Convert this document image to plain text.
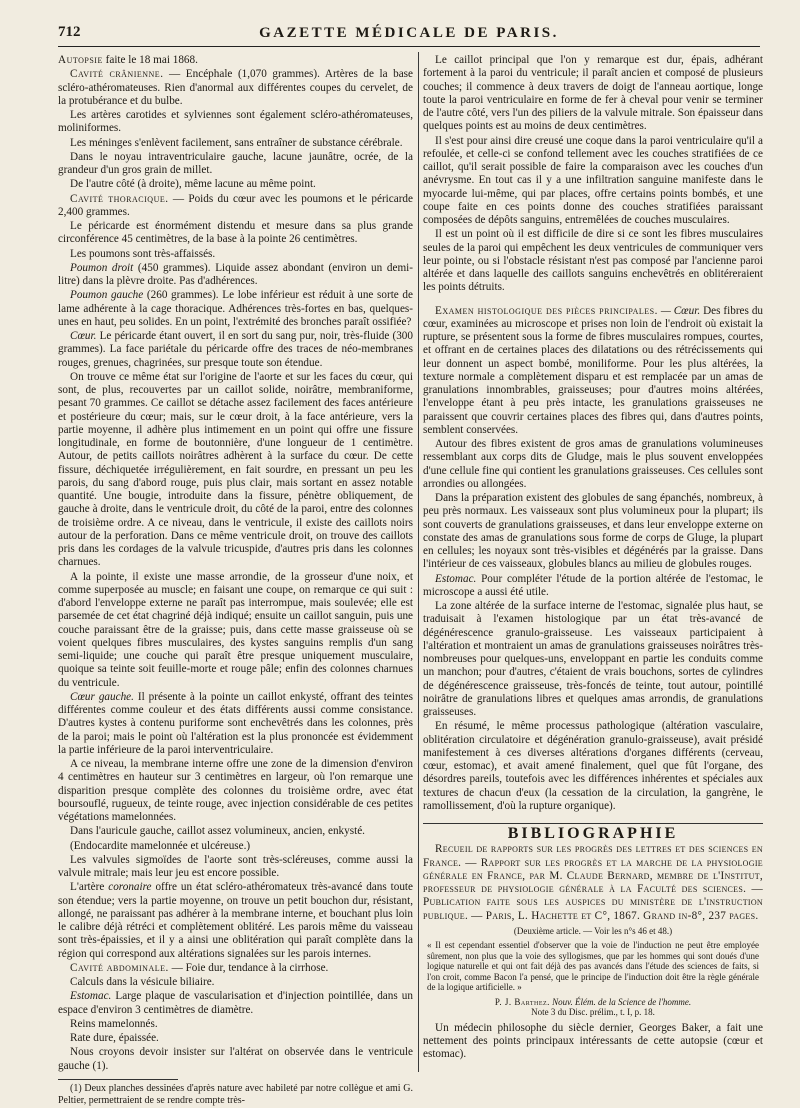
712	GAZETTE MÉDICALE DE PARIS.

Autopsie faite le 18 mai 1868.

Cavité crânienne. — Encéphale (1,070 grammes). Artères de la base scléro-athéromateuses. Rien d'anormal aux différentes coupes du cervelet, de la protubérance et du bulbe.

Les artères carotides et sylviennes sont également scléro-athéromateuses, moliniformes.

Les méninges s'enlèvent facilement, sans entraîner de substance cérébrale.

Dans le noyau intraventriculaire gauche, lacune jaunâtre, ocrée, de la grandeur d'un gros grain de millet.

De l'autre côté (à droite), même lacune au même point.

Cavité thoracique. — Poids du cœur avec les poumons et le péricarde 2,400 grammes.

Le péricarde est énormément distendu et mesure dans sa plus grande circonférence 45 centimètres, de la base à la pointe 26 centimètres.

Les poumons sont très-affaissés.

Poumon droit (450 grammes). Liquide assez abondant (environ un demi-litre) dans la plèvre droite. Pas d'adhérences.

Poumon gauche (260 grammes). Le lobe inférieur est réduit à une sorte de lame adhérente à la cage thoracique. Adhérences très-fortes en bas, quelques-unes en haut, peu solides. En un point, l'extrémité des bronches paraît ossifiée?

Cœur. Le péricarde étant ouvert, il en sort du sang pur, noir, très-fluide (300 grammes). La face pariétale du péricarde offre des traces de néo-membranes rouges, grenues, chagrinées, sur presque toute son étendue.

On trouve ce même état sur l'origine de l'aorte et sur les faces du cœur, qui sont, de plus, recouvertes par un caillot solide, noirâtre, membraniforme, pesant 70 grammes. Ce caillot se détache assez facilement des faces antérieure et postérieure du cœur; mais, sur le cœur droit, à la face antérieure, vers la partie moyenne, il adhère plus intimement en un point qui offre une fissure longitudinale, en forme de boutonnière, d'une longueur de 1 centimètre. Autour, de petits caillots noirâtres adhèrent à la surface du cœur. De cette fissure, déchiquetée irrégulièrement, en fait sourdre, en pressant un peu les parois, du sang d'abord rouge, puis plus clair, mais sortant en assez notable quantité. Une bougie, introduite dans la fissure, pénètre obliquement, de gauche à droite, dans le ventricule droit, du côté de la paroi, entre des colonnes de troisième ordre. A ce niveau, dans le ventricule, il existe des caillots noirs autour de la perforation. Dans ce même ventricule droit, on trouve des caillots pris dans les cordages de la valvule tricuspide, d'autres pris dans les colonnes charnues.

A la pointe, il existe une masse arrondie, de la grosseur d'une noix, et comme superposée au muscle; en faisant une coupe, on remarque ce qui suit : d'abord l'enveloppe externe ne paraît pas interrompue, mais soulevée; elle est parsemée de cet état chagriné déjà indiqué; ensuite un caillot sanguin, puis une couche paraissant être de la graisse; puis, dans cette masse graisseuse où se voient quelques fibres musculaires, des kystes sanguins remplis d'un sang semi-liquide; une couche qui paraît être presque uniquement musculaire, quoique sa teinte soit feuille-morte et rouge pâle; enfin des colonnes charnues du ventricule.

Cœur gauche. Il présente à la pointe un caillot enkysté, offrant des teintes différentes comme couleur et des états différents aussi comme consistance. D'autres kystes à contenu puriforme sont enchevêtrés dans les colonnes, près de la paroi; mais le point où l'altération est la plus prononcée est évidemment la partie inférieure de la paroi interventriculaire.

A ce niveau, la membrane interne offre une zone de la dimension d'environ 4 centimètres en hauteur sur 3 centimètres en largeur, où l'on remarque une disparition presque complète des colonnes du troisième ordre, avec état boursouflé, rugueux, de teinte rouge, avec injection considérable de ces petites végétations mamelonnées.

Dans l'auricule gauche, caillot assez volumineux, ancien, enkysté.

(Endocardite mamelonnée et ulcéreuse.)

Les valvules sigmoïdes de l'aorte sont très-scléreuses, comme aussi la valvule mitrale; mais leur jeu est encore possible.

L'artère coronaire offre un état scléro-athéromateux très-avancé dans toute son étendue; vers la partie moyenne, on trouve un petit bouchon dur, résistant, allongé, ne paraissant pas adhérer à la membrane interne, et bouchant plus loin le calibre déjà rétréci et complètement oblitéré. Les parois même du vaisseau sont très-épaissies, et il y a ainsi une oblitération qui paraît complète dans la région qui correspond aux altérations signalées sur les parois internes.

Cavité abdominale. — Foie dur, tendance à la cirrhose.

Calculs dans la vésicule biliaire.

Estomac. Large plaque de vascularisation et d'injection pointillée, dans un espace d'environ 3 centimètres de diamètre.

Reins mamelonnés.

Rate dure, épaissée.

Nous croyons devoir insister sur l'altérat on observée dans le ventricule gauche (1).

(1) Deux planches dessinées d'après nature avec habileté par notre collègue et ami G. Peltier, permettraient de se rendre compte très-

Le caillot principal que l'on y remarque est dur, épais, adhérant fortement à la paroi du ventricule; il paraît ancien et composé de plusieurs couches; il commence à deux travers de doigt de l'anneau aortique, longe toute la paroi ventriculaire en forme de fer à cheval pour venir se terminer de l'autre côté, vers l'un des piliers de la valvule mitrale. Son épaisseur dans quelques points est au moins de deux centimètres.

Il s'est pour ainsi dire creusé une coque dans la paroi ventriculaire qu'il a refoulée, et celle-ci se confond tellement avec les couches stratifiées de ce caillot, qu'il serait possible de faire la comparaison avec les couches d'un anévrysme. En tout cas il y a une infiltration sanguine manifeste dans le myocarde lui-même, qui par places, offre certains points bombés, et une coupe faite en ces points donne des couches stratifiées paraissant composées de dépôts sanguins, entremêlées de couches musculaires.

Il est un point où il est difficile de dire si ce sont les fibres musculaires seules de la paroi qui empêchent les deux ventricules de communiquer vers leur pointe, ou si l'obstacle résistant n'est pas composé par l'ancienne paroi altérée et dans laquelle des caillots sanguins enchevêtrés en oblitéreraient les points détruits.

Examen histologique des pièces principales. — Cœur. Des fibres du cœur, examinées au microscope et prises non loin de l'endroit où existait la rupture, se présentent sous la forme de fibres musculaires rompues, courtes, et offrant en de certaines places des dilatations ou des rétrécissements qui leur donnent un aspect bombé, moniliforme. Pour les plus altérées, la texture normale a complètement disparu et est remplacée par un amas de granulations innombrables, graisseuses; pour d'autres moins altérées, l'enveloppe étant à peu près intacte, les granulations graisseuses ne paraissent que couvrir certaines places des fibres qui, dans d'autres points, semblent conservées.

Autour des fibres existent de gros amas de granulations volumineuses ressemblant aux corps dits de Gludge, mais le plus souvent enveloppées d'une cellule fine qui contient les granulations graisseuses. Ces cellules sont arrondies ou allongées.

Dans la préparation existent des globules de sang épanchés, nombreux, à peu près normaux. Les vaisseaux sont plus volumineux pour la plupart; ils sont couverts de granulations graisseuses, et dans leur enveloppe externe on constate des amas de granulations sous forme de corps de Gluge, la plupart en cellules; les noyaux sont très-visibles et dégénérés par la graisse. Dans l'intérieur de ces vaisseaux, globules blancs au milieu de globules rouges.

Estomac. Pour compléter l'étude de la portion altérée de l'estomac, le microscope a aussi été utile.

La zone altérée de la surface interne de l'estomac, signalée plus haut, se traduisait à l'examen histologique par un état très-avancé de dégénérescence granulo-graisseuse. Les vaisseaux participaient à l'altération et montraient un amas de granulations graisseuses noirâtres très-nombreuses pour quelques-uns, enveloppant en partie les conduits comme un manchon; pour d'autres, c'étaient de vrais bouchons, sortes de cylindres de dégénérescence graisseuse, très-foncés de teinte, tout autour, pointillé noirâtre de granulations libres et quelques amas arrondis, de granulations graisseuses.

En résumé, le même processus pathologique (altération vasculaire, oblitération circulatoire et dégénération granulo-graisseuse), avait présidé manifestement à ces diverses altérations d'organes différents (cerveau, cœur, estomac), et avait amené finalement, quel que fût l'organe, des désordres pareils, toutefois avec les différences inhérentes et spéciales aux textures de chacun d'eux (la cessation de la circulation, la gangrène, le ramollissement, d'où la rupture organique).

BIBLIOGRAPHIE

Recueil de rapports sur les progrès des lettres et des sciences en France. — Rapport sur les progrès et la marche de la physiologie générale en France, par M. Claude Bernard, membre de l'Institut, professeur de physiologie générale à la Faculté des sciences. — Publication faite sous les auspices du ministère de l'instruction publique. — Paris, L. Hachette et C°, 1867. Grand in-8°, 237 pages.

(Deuxième article. — Voir les n°s 46 et 48.)
« Il est cependant essentiel d'observer que la voie de l'induction ne peut être employée sûrement, non plus que la voie des syllogismes, que par les hommes qui sont doués d'une logique naturelle et qui ont fait déjà des pas avancés dans l'étude des sciences de faits, si l'on croit, comme Bacon l'a pensé, que le principe de l'induction doit être la règle générale de la logique artificielle. »
P. J. Barthez. Nouv. Élém. de la Science de l'homme.
Note 3 du Disc. prélim., t. I, p. 18.

Un médecin philosophe du siècle dernier, Georges Baker, a fait une nettement des points principaux intéressants de cette autopsie (cœur et estomac).
